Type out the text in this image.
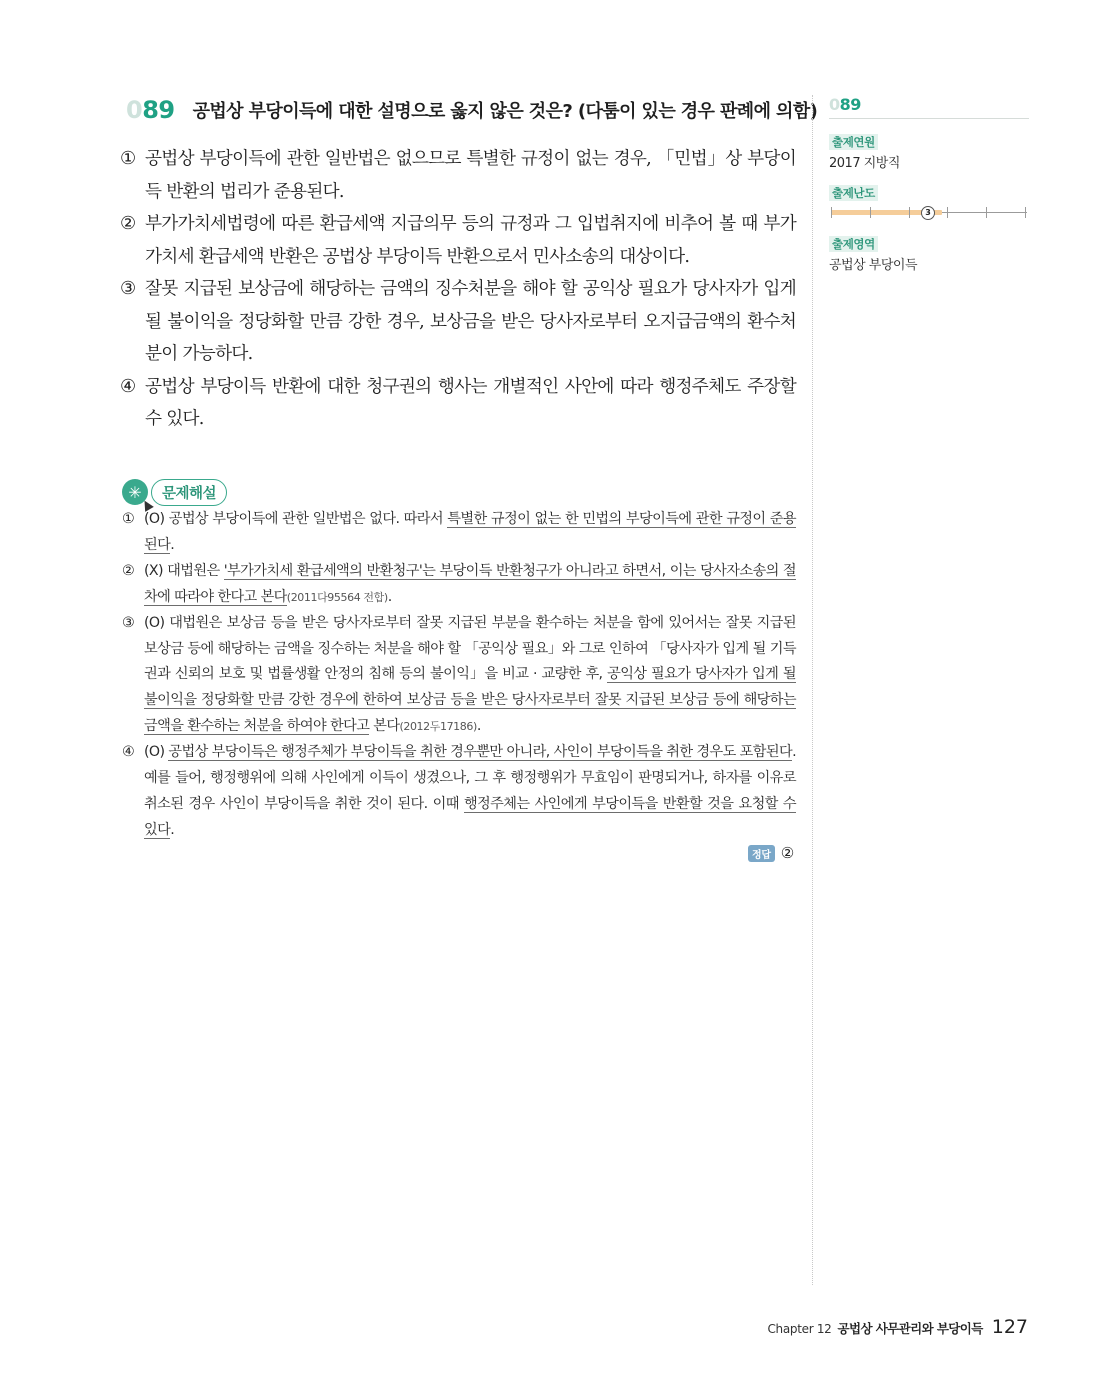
089 공법상 부당이득에 대한 설명으로 옳지 않은 것은? (다툼이 있는 경우 판례에 의함)
① 공법상 부당이득에 관한 일반법은 없으므로 특별한 규정이 없는 경우, 「민법」상 부당이득 반환의 법리가 준용된다.
② 부가가치세법령에 따른 환급세액 지급의무 등의 규정과 그 입법취지에 비추어 볼 때 부가가치세 환급세액 반환은 공법상 부당이득 반환으로서 민사소송의 대상이다.
③ 잘못 지급된 보상금에 해당하는 금액의 징수처분을 해야 할 공익상 필요가 당사자가 입게 될 불이익을 정당화할 만큼 강한 경우, 보상금을 받은 당사자로부터 오지급금액의 환수처분이 가능하다.
④ 공법상 부당이득 반환에 대한 청구권의 행사는 개별적인 사안에 따라 행정주체도 주장할 수 있다.
✳	문제해설
① (O) 공법상 부당이득에 관한 일반법은 없다. 따라서 특별한 규정이 없는 한 민법의 부당이득에 관한 규정이 준용된다.
② (X) 대법원은 '부가가치세 환급세액의 반환청구'는 부당이득 반환청구가 아니라고 하면서, 이는 당사자소송의 절차에 따라야 한다고 본다(2011다95564 전합).
③ (O) 대법원은 보상금 등을 받은 당사자로부터 잘못 지급된 부분을 환수하는 처분을 함에 있어서는 잘못 지급된 보상금 등에 해당하는 금액을 징수하는 처분을 해야 할 「공익상 필요」와 그로 인하여 「당사자가 입게 될 기득권과 신뢰의 보호 및 법률생활 안정의 침해 등의 불이익」을 비교 · 교량한 후, 공익상 필요가 당사자가 입게 될 불이익을 정당화할 만큼 강한 경우에 한하여 보상금 등을 받은 당사자로부터 잘못 지급된 보상금 등에 해당하는 금액을 환수하는 처분을 하여야 한다고 본다(2012두17186).
④ (O) 공법상 부당이득은 행정주체가 부당이득을 취한 경우뿐만 아니라, 사인이 부당이득을 취한 경우도 포함된다. 예를 들어, 행정행위에 의해 사인에게 이득이 생겼으나, 그 후 행정행위가 무효임이 판명되거나, 하자를 이유로 취소된 경우 사인이 부당이득을 취한 것이 된다. 이때 행정주체는 사인에게 부당이득을 반환할 것을 요청할 수 있다.
정답 ②
089
출제연원
2017 지방직
출제난도
3
출제영역
공법상 부당이득
Chapter 12 공법상 사무관리와 부당이득 127
